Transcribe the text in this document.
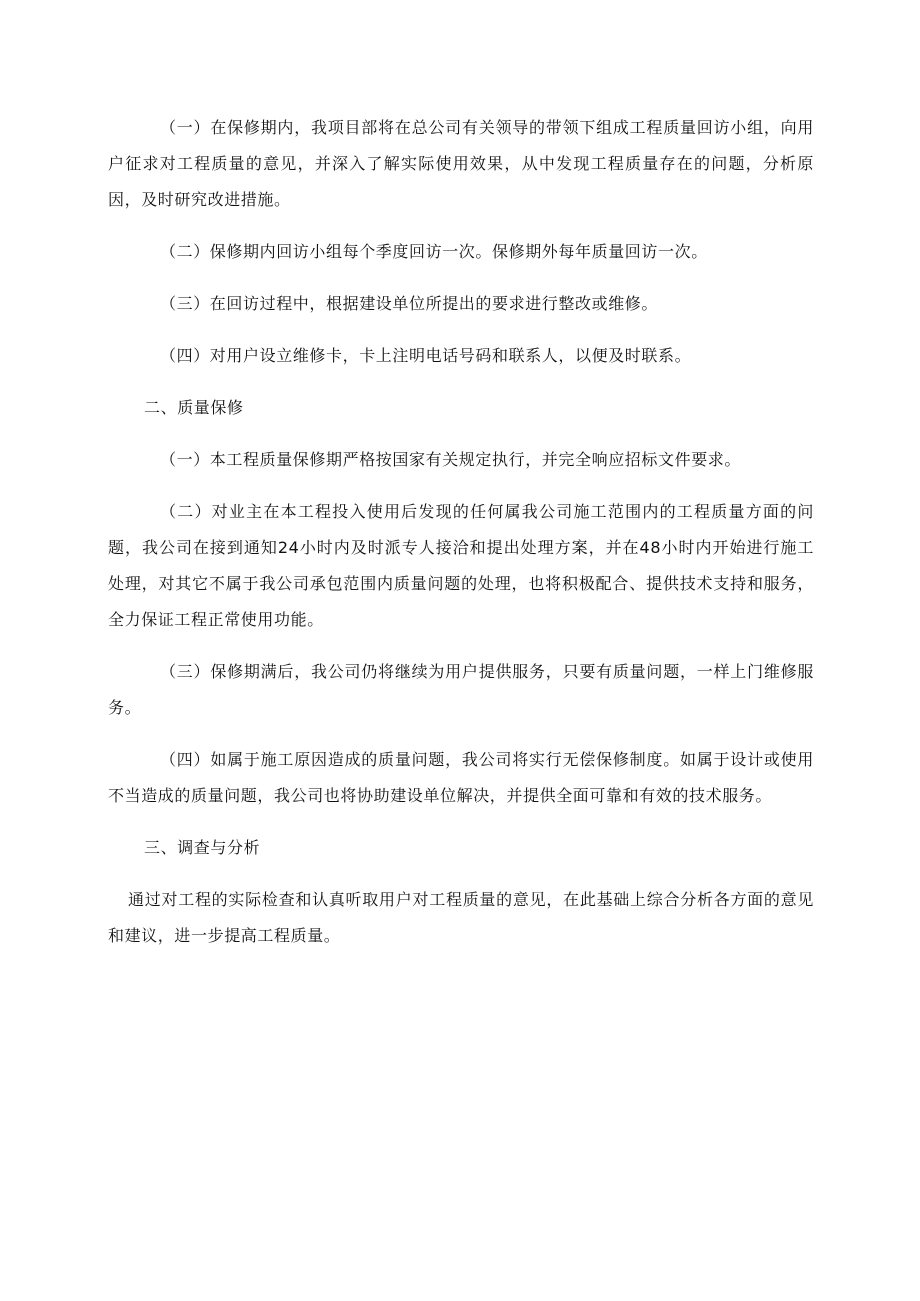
（一）在保修期内，我项目部将在总公司有关领导的带领下组成工程质量回访小组，向用户征求对工程质量的意见，并深入了解实际使用效果，从中发现工程质量存在的问题，分析原因，及时研究改进措施。

（二）保修期内回访小组每个季度回访一次。保修期外每年质量回访一次。

（三）在回访过程中，根据建设单位所提出的要求进行整改或维修。

（四）对用户设立维修卡，卡上注明电话号码和联系人，以便及时联系。

二、质量保修

（一）本工程质量保修期严格按国家有关规定执行，并完全响应招标文件要求。

（二）对业主在本工程投入使用后发现的任何属我公司施工范围内的工程质量方面的问题，我公司在接到通知24小时内及时派专人接洽和提出处理方案，并在48小时内开始进行施工处理，对其它不属于我公司承包范围内质量问题的处理，也将积极配合、提供技术支持和服务，全力保证工程正常使用功能。

（三）保修期满后，我公司仍将继续为用户提供服务，只要有质量问题，一样上门维修服务。

（四）如属于施工原因造成的质量问题，我公司将实行无偿保修制度。如属于设计或使用不当造成的质量问题，我公司也将协助建设单位解决，并提供全面可靠和有效的技术服务。

三、调查与分析

通过对工程的实际检查和认真听取用户对工程质量的意见，在此基础上综合分析各方面的意见和建议，进一步提高工程质量。
